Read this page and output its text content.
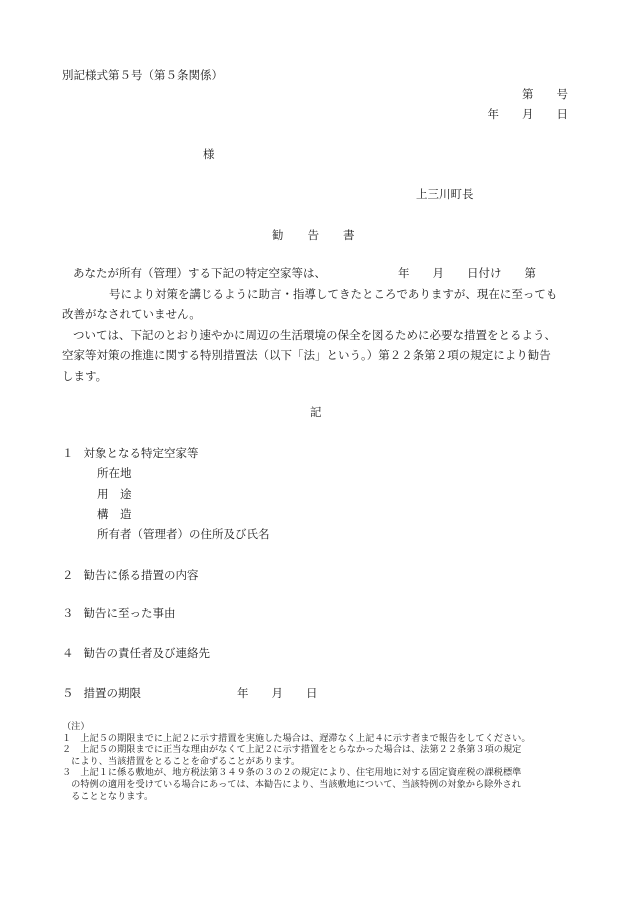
別記様式第５号（第５条関係）
第　　号
年　　月　　日
様
上三川町長
勧 告 書
あなたが所有（管理）する下記の特定空家等は、	年　　月　　日付け　　第
号により対策を講じるように助言・指導してきたところでありますが、現在に至っても
改善がなされていません。
ついては、下記のとおり速やかに周辺の生活環境の保全を図るために必要な措置をとるよう、
空家等対策の推進に関する特別措置法（以下「法」という。）第２２条第２項の規定により勧告
します。
記
１ 対象となる特定空家等
所在地
用　途
構　造
所有者（管理者）の住所及び氏名
２ 勧告に係る措置の内容
３ 勧告に至った事由
４ 勧告の責任者及び連絡先
５ 措置の期限	年　　月　　日
（注）
１　上記５の期限までに上記２に示す措置を実施した場合は、遅滞なく上記４に示す者まで報告をしてください。
２　上記５の期限までに正当な理由がなくて上記２に示す措置をとらなかった場合は、法第２２条第３項の規定
　により、当該措置をとることを命ずることがあります。
３　上記１に係る敷地が、地方税法第３４９条の３の２の規定により、住宅用地に対する固定資産税の課税標準
　の特例の適用を受けている場合にあっては、本勧告により、当該敷地について、当該特例の対象から除外され
　ることとなります。
